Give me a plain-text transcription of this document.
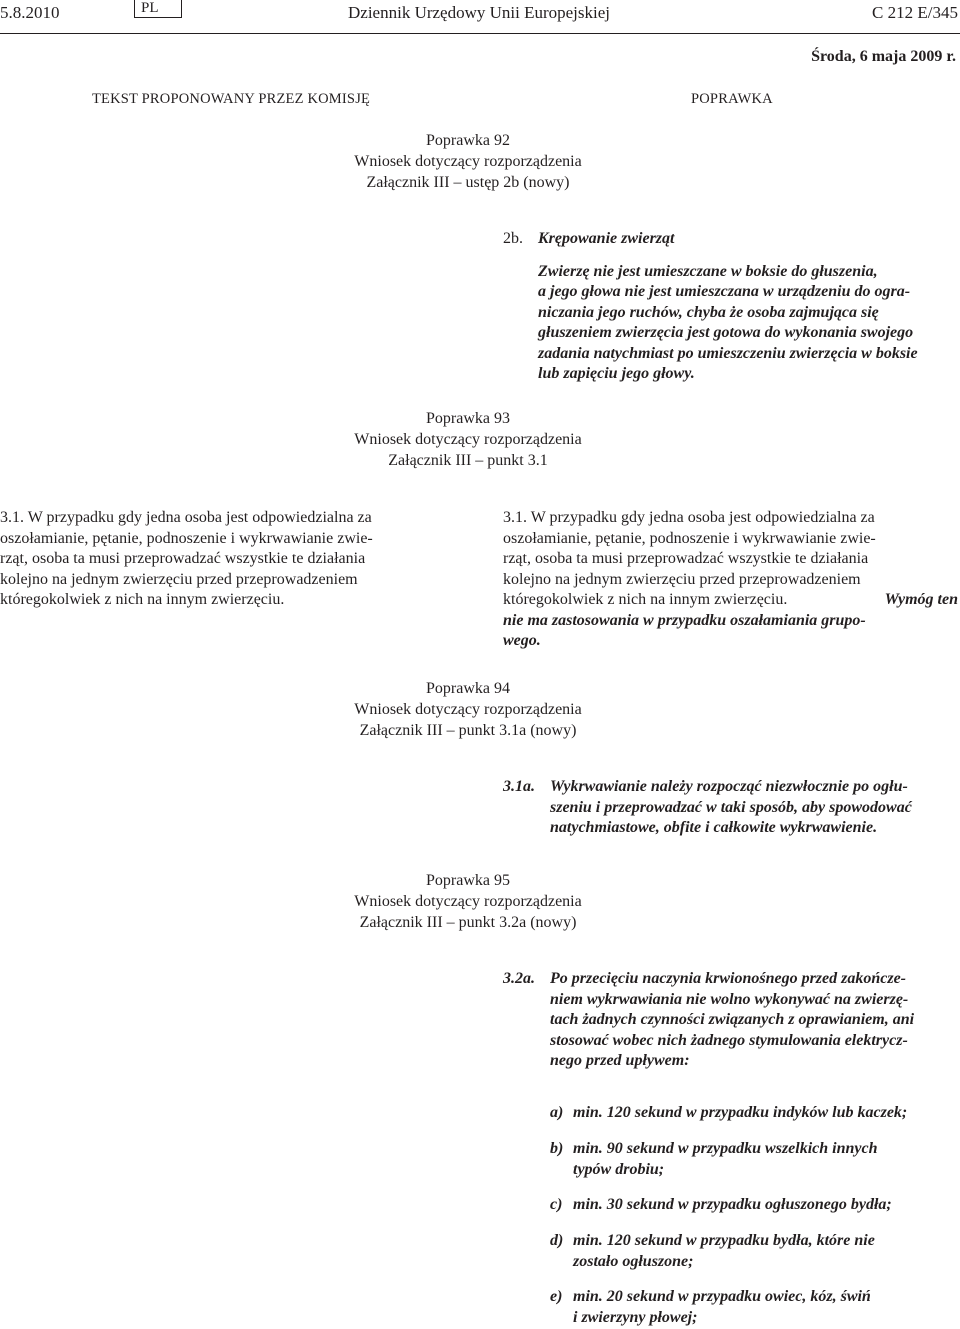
5.8.2010	PL	Dziennik Urzędowy Unii Europejskiej	C 212 E/345
Środa, 6 maja 2009 r.
TEKST PROPONOWANY PRZEZ KOMISJĘ	POPRAWKA
Poprawka 92
Wniosek dotyczący rozporządzenia
Załącznik III – ustęp 2b (nowy)
2b. Krępowanie zwierząt
Zwierzę nie jest umieszczane w boksie do głuszenia,
a jego głowa nie jest umieszczana w urządzeniu do ogra-
niczania jego ruchów, chyba że osoba zajmująca się
głuszeniem zwierzęcia jest gotowa do wykonania swojego
zadania natychmiast po umieszczeniu zwierzęcia w boksie
lub zapięciu jego głowy.
Poprawka 93
Wniosek dotyczący rozporządzenia
Załącznik III – punkt 3.1
3.1. W przypadku gdy jedna osoba jest odpowiedzialna za
oszołamianie, pętanie, podnoszenie i wykrwawianie zwie-
rząt, osoba ta musi przeprowadzać wszystkie te działania
kolejno na jednym zwierzęciu przed przeprowadzeniem
któregokolwiek z nich na innym zwierzęciu.
3.1. W przypadku gdy jedna osoba jest odpowiedzialna za
oszołamianie, pętanie, podnoszenie i wykrwawianie zwie-
rząt, osoba ta musi przeprowadzać wszystkie te działania
kolejno na jednym zwierzęciu przed przeprowadzeniem
któregokolwiek z nich na innym zwierzęciu.	Wymóg ten
nie ma zastosowania w przypadku oszałamiania grupo-
wego.
Poprawka 94
Wniosek dotyczący rozporządzenia
Załącznik III – punkt 3.1a (nowy)
3.1a. Wykrwawianie należy rozpocząć niezwłocznie po ogłu-
szeniu i przeprowadzać w taki sposób, aby spowodować
natychmiastowe, obfite i całkowite wykrwawienie.
Poprawka 95
Wniosek dotyczący rozporządzenia
Załącznik III – punkt 3.2a (nowy)
3.2a. Po przecięciu naczynia krwionośnego przed zakończe-
niem wykrwawiania nie wolno wykonywać na zwierzę-
tach żadnych czynności związanych z oprawianiem, ani
stosować wobec nich żadnego stymulowania elektrycz-
nego przed upływem:
a) min. 120 sekund w przypadku indyków lub kaczek;
b) min. 90 sekund w przypadku wszelkich innych
typów drobiu;
c) min. 30 sekund w przypadku ogłuszonego bydła;
d) min. 120 sekund w przypadku bydła, które nie
zostało ogłuszone;
e) min. 20 sekund w przypadku owiec, kóz, świń
i zwierzyny płowej;
